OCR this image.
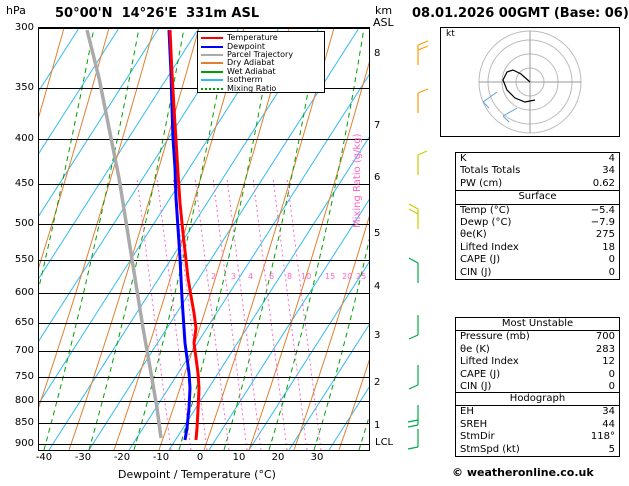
hPa 50°00'N  14°26'E  331m ASL	km
ASL
08.01.2026 00GMT (Base: 06)
Temperature
Dewpoint
Parcel Trajectory
Dry Adiabat
Wet Adiabat
Isotherm
Mixing Ratio
2 3 4 6 8 10 15 20 25
300
350
400
450
500
550
600
650
700
750
800
850
900
8
7
6
5
4
3
2
1
LCL
Mixing Ratio (g/kg)
-40	-30	-20	-10	0	10	20	30
Dewpoint / Temperature (°C)
kt
K	4
Totals Totals	34
PW (cm)	0.62
Surface
Temp (°C)	−5.4
Dewp (°C)	−7.9
θe(K)	275
Lifted Index	18
CAPE (J)	0
CIN (J)	0
Most Unstable
Pressure (mb)	700
θe (K)	283
Lifted Index	12
CAPE (J)	0
CIN (J)	0
Hodograph
EH	34
SREH	44
StmDir	118°
StmSpd (kt)	5
© weatheronline.co.uk
